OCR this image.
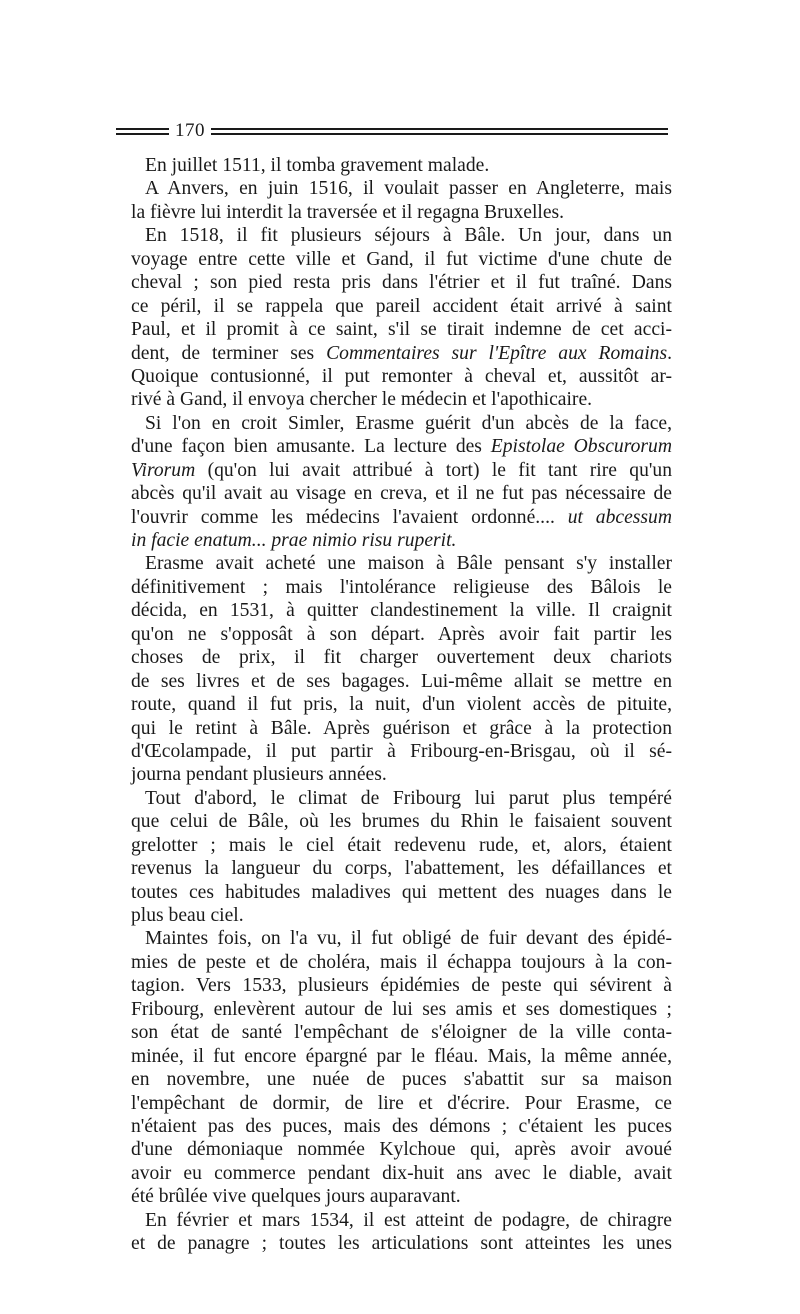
170
En juillet 1511, il tomba gravement malade.
A Anvers, en juin 1516, il voulait passer en Angleterre, mais
la fièvre lui interdit la traversée et il regagna Bruxelles.
En 1518, il fit plusieurs séjours à Bâle. Un jour, dans un
voyage entre cette ville et Gand, il fut victime d'une chute de
cheval ; son pied resta pris dans l'étrier et il fut traîné. Dans
ce péril, il se rappela que pareil accident était arrivé à saint
Paul, et il promit à ce saint, s'il se tirait indemne de cet acci-
dent, de terminer ses Commentaires sur l'Epître aux Romains.
Quoique contusionné, il put remonter à cheval et, aussitôt ar-
rivé à Gand, il envoya chercher le médecin et l'apothicaire.
Si l'on en croit Simler, Erasme guérit d'un abcès de la face,
d'une façon bien amusante. La lecture des Epistolae Obscurorum
Virorum (qu'on lui avait attribué à tort) le fit tant rire qu'un
abcès qu'il avait au visage en creva, et il ne fut pas nécessaire de
l'ouvrir comme les médecins l'avaient ordonné.... ut abcessum
in facie enatum... prae nimio risu ruperit.
Erasme avait acheté une maison à Bâle pensant s'y installer
définitivement ; mais l'intolérance religieuse des Bâlois le
décida, en 1531, à quitter clandestinement la ville. Il craignit
qu'on ne s'opposât à son départ. Après avoir fait partir les
choses de prix, il fit charger ouvertement deux chariots
de ses livres et de ses bagages. Lui-même allait se mettre en
route, quand il fut pris, la nuit, d'un violent accès de pituite,
qui le retint à Bâle. Après guérison et grâce à la protection
d'Œcolampade, il put partir à Fribourg-en-Brisgau, où il sé-
journa pendant plusieurs années.
Tout d'abord, le climat de Fribourg lui parut plus tempéré
que celui de Bâle, où les brumes du Rhin le faisaient souvent
grelotter ; mais le ciel était redevenu rude, et, alors, étaient
revenus la langueur du corps, l'abattement, les défaillances et
toutes ces habitudes maladives qui mettent des nuages dans le
plus beau ciel.
Maintes fois, on l'a vu, il fut obligé de fuir devant des épidé-
mies de peste et de choléra, mais il échappa toujours à la con-
tagion. Vers 1533, plusieurs épidémies de peste qui sévirent à
Fribourg, enlevèrent autour de lui ses amis et ses domestiques ;
son état de santé l'empêchant de s'éloigner de la ville conta-
minée, il fut encore épargné par le fléau. Mais, la même année,
en novembre, une nuée de puces s'abattit sur sa maison
l'empêchant de dormir, de lire et d'écrire. Pour Erasme, ce
n'étaient pas des puces, mais des démons ; c'étaient les puces
d'une démoniaque nommée Kylchoue qui, après avoir avoué
avoir eu commerce pendant dix-huit ans avec le diable, avait
été brûlée vive quelques jours auparavant.
En février et mars 1534, il est atteint de podagre, de chiragre
et de panagre ; toutes les articulations sont atteintes les unes
